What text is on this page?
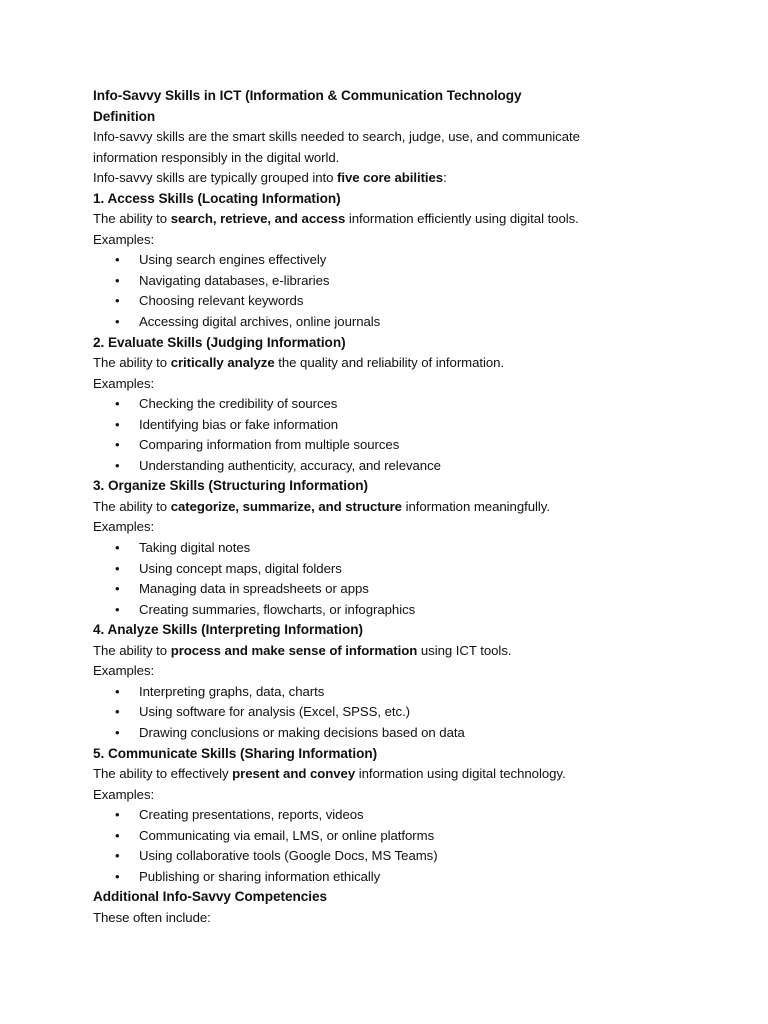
Info-Savvy Skills in ICT (Information & Communication Technology
Definition
Info-savvy skills are the smart skills needed to search, judge, use, and communicate
information responsibly in the digital world.
Info-savvy skills are typically grouped into five core abilities:
1. Access Skills (Locating Information)
The ability to search, retrieve, and access information efficiently using digital tools.
Examples:
• Using search engines effectively
• Navigating databases, e-libraries
• Choosing relevant keywords
• Accessing digital archives, online journals
2. Evaluate Skills (Judging Information)
The ability to critically analyze the quality and reliability of information.
Examples:
• Checking the credibility of sources
• Identifying bias or fake information
• Comparing information from multiple sources
• Understanding authenticity, accuracy, and relevance
3. Organize Skills (Structuring Information)
The ability to categorize, summarize, and structure information meaningfully.
Examples:
• Taking digital notes
• Using concept maps, digital folders
• Managing data in spreadsheets or apps
• Creating summaries, flowcharts, or infographics
4. Analyze Skills (Interpreting Information)
The ability to process and make sense of information using ICT tools.
Examples:
• Interpreting graphs, data, charts
• Using software for analysis (Excel, SPSS, etc.)
• Drawing conclusions or making decisions based on data
5. Communicate Skills (Sharing Information)
The ability to effectively present and convey information using digital technology.
Examples:
• Creating presentations, reports, videos
• Communicating via email, LMS, or online platforms
• Using collaborative tools (Google Docs, MS Teams)
• Publishing or sharing information ethically
Additional Info-Savvy Competencies
These often include:
